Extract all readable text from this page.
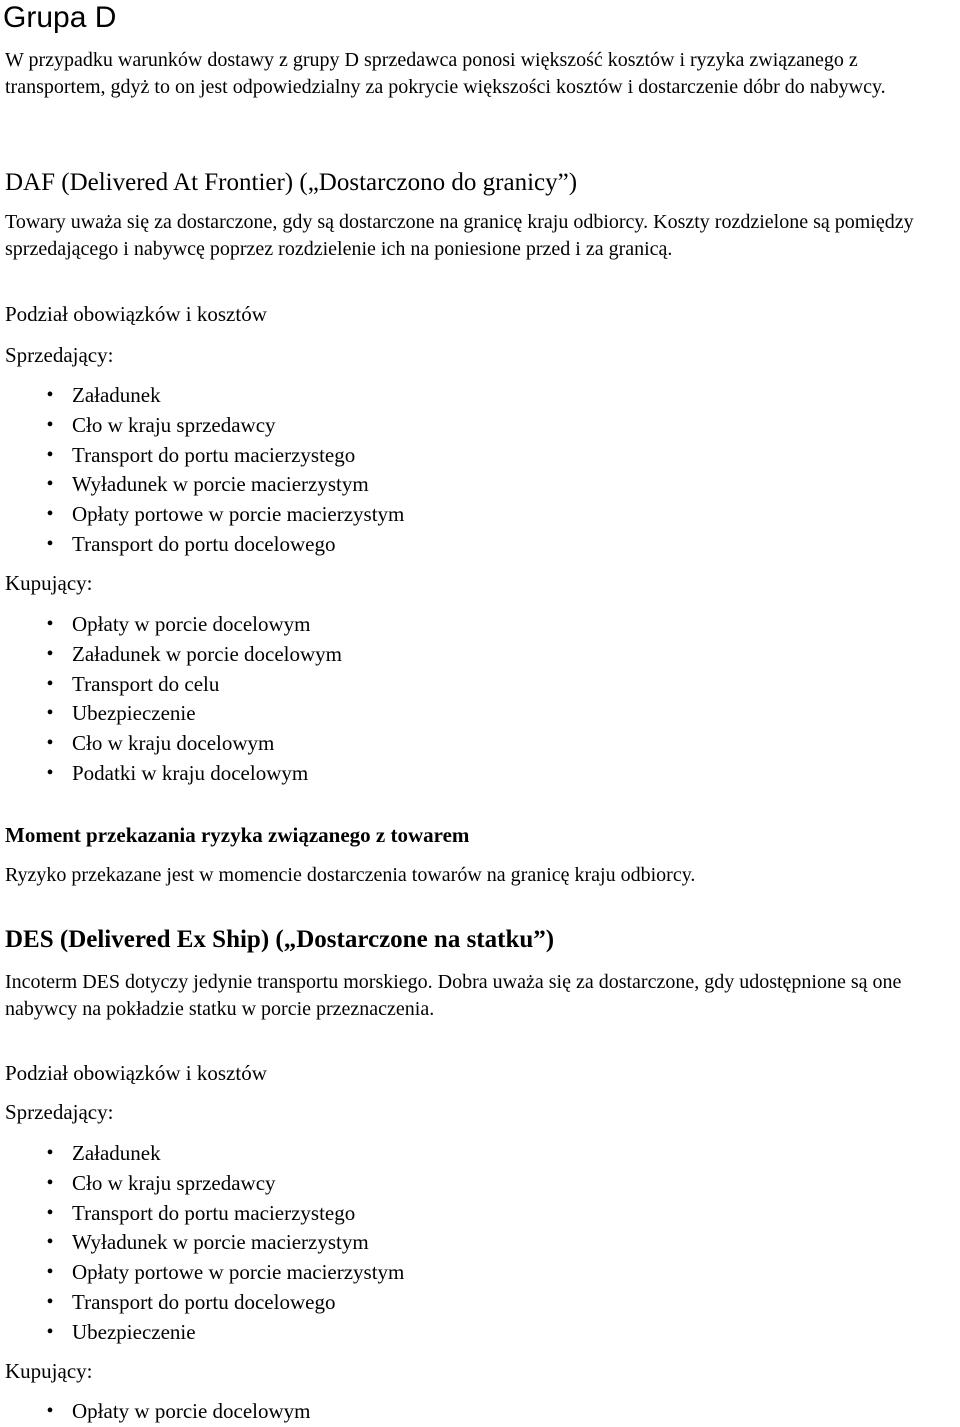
Grupa D

W przypadku warunków dostawy z grupy D sprzedawca ponosi większość kosztów i ryzyka związanego z transportem, gdyż to on jest odpowiedzialny za pokrycie większości kosztów i dostarczenie dóbr do nabywcy.

DAF (Delivered At Frontier) („Dostarczono do granicy”)

Towary uważa się za dostarczone, gdy są dostarczone na granicę kraju odbiorcy. Koszty rozdzielone są pomiędzy sprzedającego i nabywcę poprzez rozdzielenie ich na poniesione przed i za granicą.

Podział obowiązków i kosztów
Sprzedający:
• Załadunek
• Cło w kraju sprzedawcy
• Transport do portu macierzystego
• Wyładunek w porcie macierzystym
• Opłaty portowe w porcie macierzystym
• Transport do portu docelowego
Kupujący:
• Opłaty w porcie docelowym
• Załadunek w porcie docelowym
• Transport do celu
• Ubezpieczenie
• Cło w kraju docelowym
• Podatki w kraju docelowym
Moment przekazania ryzyka związanego z towarem

Ryzyko przekazane jest w momencie dostarczenia towarów na granicę kraju odbiorcy.

DES (Delivered Ex Ship) („Dostarczone na statku”)

Incoterm DES dotyczy jedynie transportu morskiego. Dobra uważa się za dostarczone, gdy udostępnione są one nabywcy na pokładzie statku w porcie przeznaczenia.

Podział obowiązków i kosztów
Sprzedający:
• Załadunek
• Cło w kraju sprzedawcy
• Transport do portu macierzystego
• Wyładunek w porcie macierzystym
• Opłaty portowe w porcie macierzystym
• Transport do portu docelowego
• Ubezpieczenie
Kupujący:
• Opłaty w porcie docelowym
